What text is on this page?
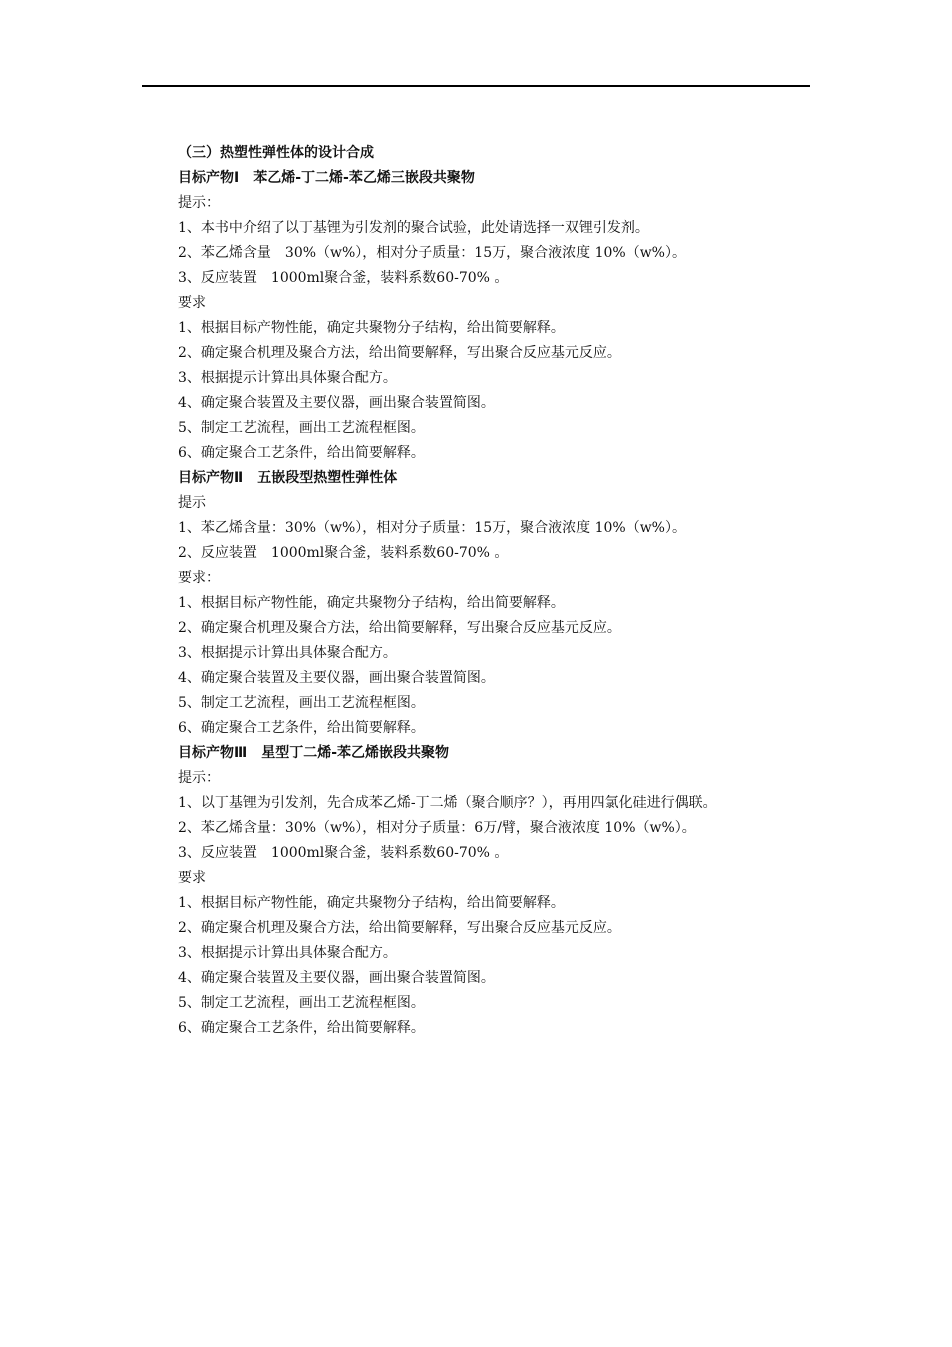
（三）热塑性弹性体的设计合成
目标产物Ⅰ　苯乙烯-丁二烯-苯乙烯三嵌段共聚物
提示：
1、本书中介绍了以丁基锂为引发剂的聚合试验，此处请选择一双锂引发剂。
2、苯乙烯含量　30%（w%），相对分子质量：15万，聚合液浓度 10%（w%）。
3、反应装置　1000ml聚合釜，装料系数60-70% 。
要求
1、根据目标产物性能，确定共聚物分子结构，给出简要解释。
2、确定聚合机理及聚合方法，给出简要解释，写出聚合反应基元反应。
3、根据提示计算出具体聚合配方。
4、确定聚合装置及主要仪器，画出聚合装置简图。
5、制定工艺流程，画出工艺流程框图。
6、确定聚合工艺条件，给出简要解释。
目标产物Ⅱ　五嵌段型热塑性弹性体
提示
1、苯乙烯含量：30%（w%），相对分子质量：15万，聚合液浓度 10%（w%）。
2、反应装置　1000ml聚合釜，装料系数60-70% 。
要求：
1、根据目标产物性能，确定共聚物分子结构，给出简要解释。
2、确定聚合机理及聚合方法，给出简要解释，写出聚合反应基元反应。
3、根据提示计算出具体聚合配方。
4、确定聚合装置及主要仪器，画出聚合装置简图。
5、制定工艺流程，画出工艺流程框图。
6、确定聚合工艺条件，给出简要解释。
目标产物Ⅲ　星型丁二烯-苯乙烯嵌段共聚物
提示：
1、以丁基锂为引发剂，先合成苯乙烯-丁二烯（聚合顺序？），再用四氯化硅进行偶联。
2、苯乙烯含量：30%（w%），相对分子质量：6万/臂，聚合液浓度 10%（w%）。
3、反应装置　1000ml聚合釜，装料系数60-70% 。
要求
1、根据目标产物性能，确定共聚物分子结构，给出简要解释。
2、确定聚合机理及聚合方法，给出简要解释，写出聚合反应基元反应。
3、根据提示计算出具体聚合配方。
4、确定聚合装置及主要仪器，画出聚合装置简图。
5、制定工艺流程，画出工艺流程框图。
6、确定聚合工艺条件，给出简要解释。
